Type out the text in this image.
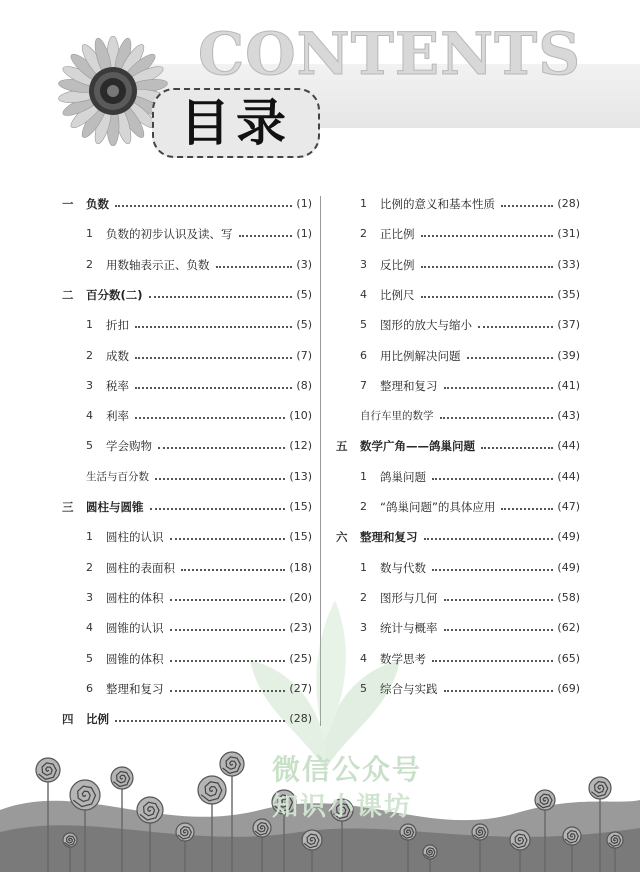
CONTENTS
目录
一	负数	(1)
1	负数的初步认识及读、写	(1)
2	用数轴表示正、负数	(3)
二	百分数(二)	(5)
1	折扣	(5)
2	成数	(7)
3	税率	(8)
4	利率	(10)
5	学会购物	(12)
生活与百分数	(13)
三	圆柱与圆锥	(15)
1	圆柱的认识	(15)
2	圆柱的表面积	(18)
3	圆柱的体积	(20)
4	圆锥的认识	(23)
5	圆锥的体积	(25)
6	整理和复习	(27)
四	比例	(28)
1	比例的意义和基本性质	(28)
2	正比例	(31)
3	反比例	(33)
4	比例尺	(35)
5	图形的放大与缩小	(37)
6	用比例解决问题	(39)
7	整理和复习	(41)
自行车里的数学	(43)
五	数学广角——鸽巢问题	(44)
1	鸽巢问题	(44)
2	“鸽巢问题”的具体应用	(47)
六	整理和复习	(49)
1	数与代数	(49)
2	图形与几何	(58)
3	统计与概率	(62)
4	数学思考	(65)
5	综合与实践	(69)
微信公众号
知识小课坊
